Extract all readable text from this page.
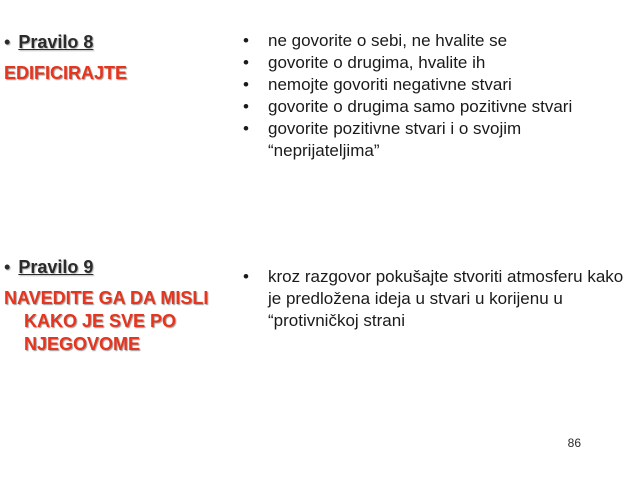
• Pravilo 8
EDIFICIRAJTE
• ne govorite o sebi, ne hvalite se
• govorite o drugima, hvalite ih
• nemojte govoriti negativne stvari
• govorite o drugima samo pozitivne stvari
• govorite pozitivne stvari i o svojim “neprijateljima”
• Pravilo 9
NAVEDITE GA DA MISLI KAKO JE SVE PO NJEGOVOME
• kroz razgovor pokušajte stvoriti atmosferu kako je predložena ideja u stvari u korijenu u “protivničkoj strani
86
